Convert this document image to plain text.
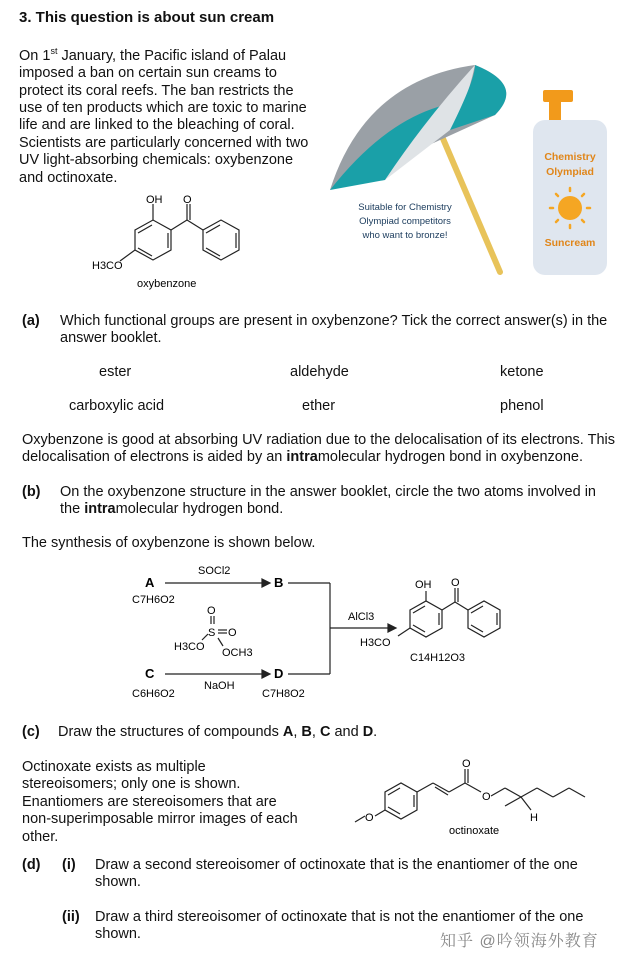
3. This question is about sun cream
On 1st January, the Pacific island of Palau imposed a ban on certain sun creams to protect its coral reefs. The ban restricts the use of ten products which are toxic to marine life and are linked to the bleaching of coral. Scientists are particularly concerned with two UV light-absorbing chemicals: oxybenzone and octinoxate.
OH O
H3CO
oxybenzone
Suitable for Chemistry
Olympiad competitors
who want to bronze!
Chemistry
Olympiad
Suncream
(a) Which functional groups are present in oxybenzone? Tick the correct answer(s) in the answer booklet.
ester	aldehyde	ketone
carboxylic acid	ether	phenol
Oxybenzone is good at absorbing UV radiation due to the delocalisation of its electrons. This delocalisation of electrons is aided by an intramolecular hydrogen bond in oxybenzone.
(b) On the oxybenzone structure in the answer booklet, circle the two atoms involved in the intramolecular hydrogen bond.
The synthesis of oxybenzone is shown below.
A
C7H6O2
SOCl2
B
O
S O
H3CO OCH3
C
C6H6O2
NaOH
D
C7H8O2
AlCl3
OH O
H3CO
C14H12O3
(c) Draw the structures of compounds A, B, C and D.
Octinoxate exists as multiple stereoisomers; only one is shown. Enantiomers are stereoisomers that are non-superimposable mirror images of each other.
O
O
O
H
octinoxate
(d) (i) Draw a second stereoisomer of octinoxate that is the enantiomer of the one shown.
(ii) Draw a third stereoisomer of octinoxate that is not the enantiomer of the one shown.	知乎 @吟领海外教育
